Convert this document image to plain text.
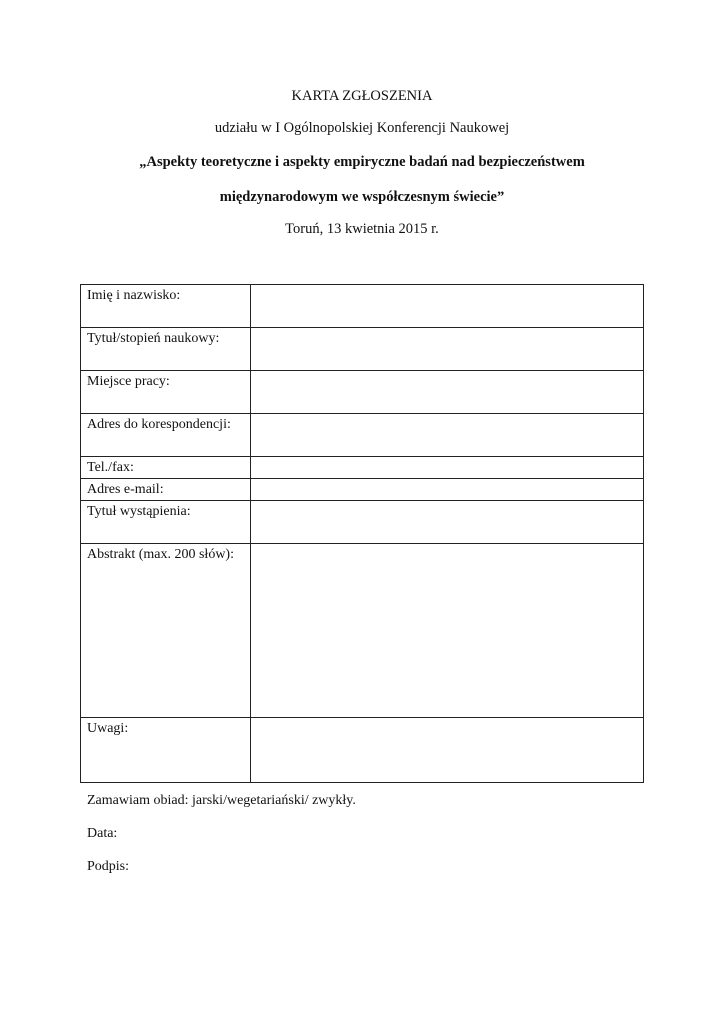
KARTA ZGŁOSZENIA
udziału w I Ogólnopolskiej Konferencji Naukowej
„Aspekty teoretyczne i aspekty empiryczne badań nad bezpieczeństwem
międzynarodowym we współczesnym świecie”
Toruń, 13 kwietnia 2015 r.
Imię i nazwisko:	
Tytuł/stopień naukowy:	
Miejsce pracy:	
Adres do korespondencji:	
Tel./fax:	
Adres e-mail:	
Tytuł wystąpienia:	
Abstrakt (max. 200 słów):	
Uwagi:	
Zamawiam obiad: jarski/wegetariański/ zwykły.
Data:
Podpis:
